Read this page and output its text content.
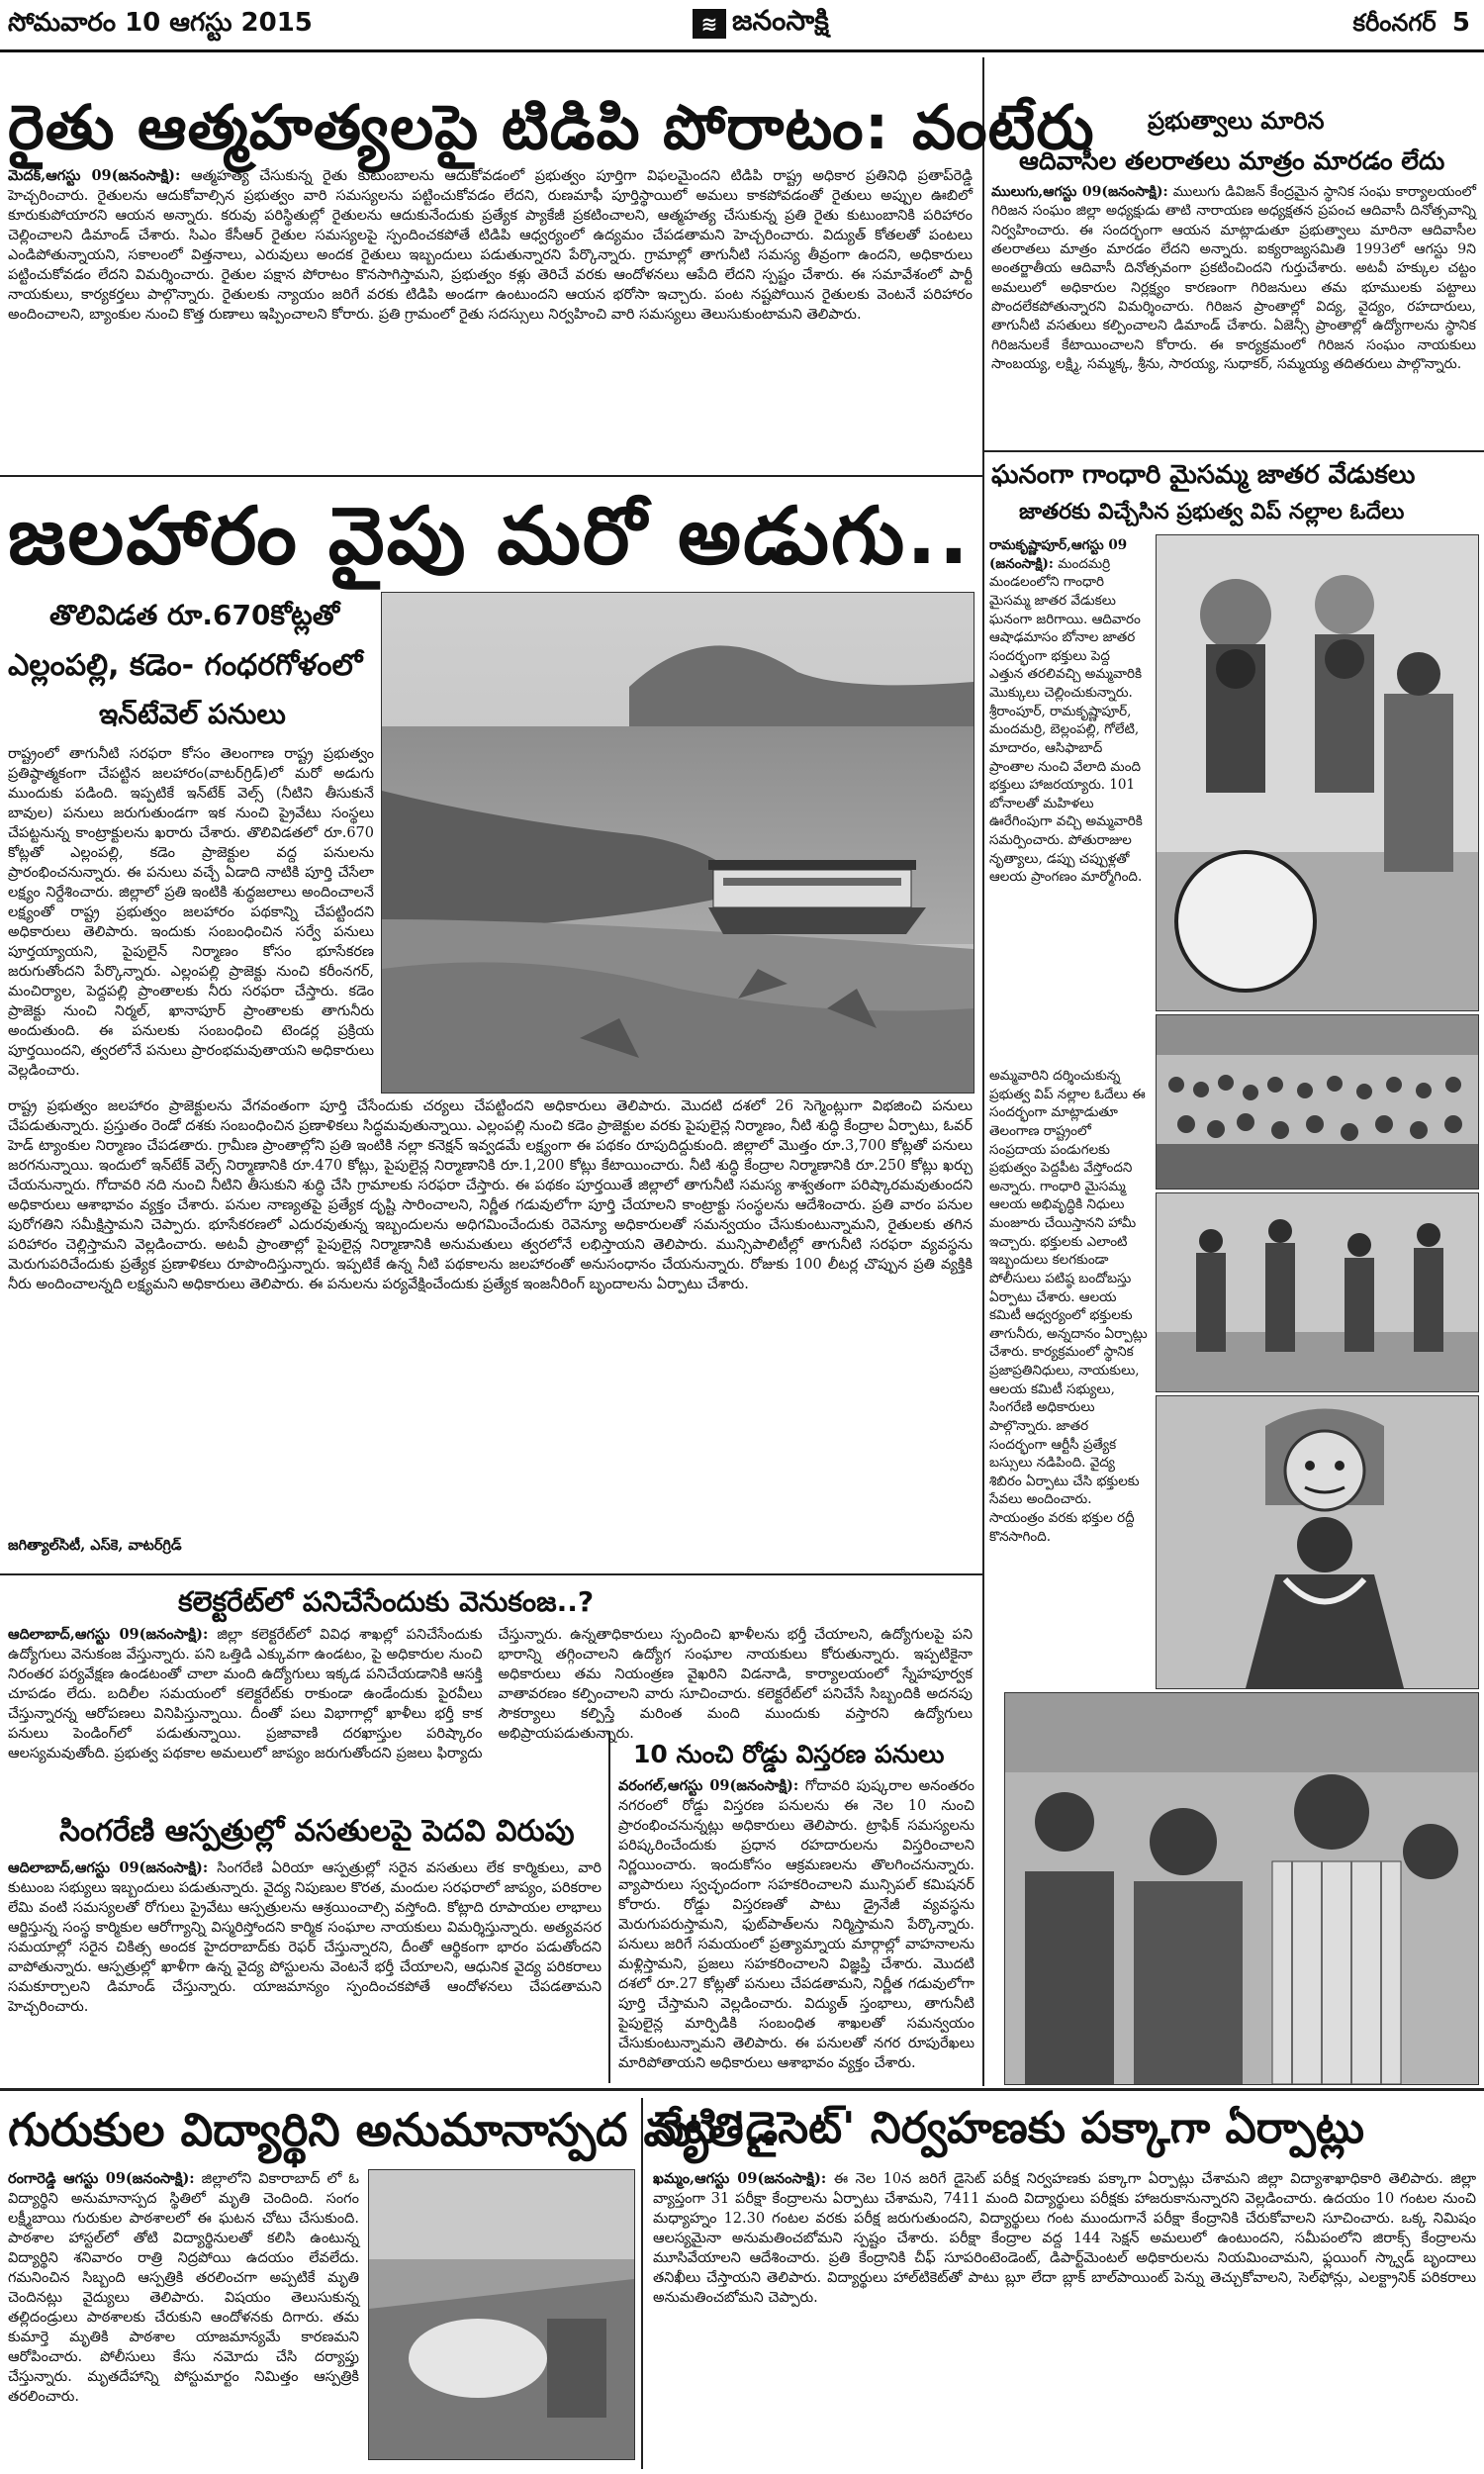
సోమవారం 10 ఆగస్టు 2015	≋ జనంసాక్షి	కరీంనగర్ 5
రైతు ఆత్మహత్యలపై టిడిపి పోరాటం: వంటేరు
మెదక్,ఆగస్టు 09(జనంసాక్షి): ఆత్మహత్య చేసుకున్న రైతు కుటుంబాలను ఆదుకోవడంలో ప్రభుత్వం పూర్తిగా విఫలమైందని టిడిపి రాష్ట్ర అధికార ప్రతినిధి ప్రతాప్‌రెడ్డి హెచ్చరించారు. రైతులను ఆదుకోవాల్సిన ప్రభుత్వం వారి సమస్యలను పట్టించుకోవడం లేదని, రుణమాఫీ పూర్తిస్థాయిలో అమలు కాకపోవడంతో రైతులు అప్పుల ఊబిలో కూరుకుపోయారని ఆయన అన్నారు. కరువు పరిస్థితుల్లో రైతులను ఆదుకునేందుకు ప్రత్యేక ప్యాకేజీ ప్రకటించాలని, ఆత్మహత్య చేసుకున్న ప్రతి రైతు కుటుంబానికి పరిహారం చెల్లించాలని డిమాండ్ చేశారు. సిఎం కేసీఆర్ రైతుల సమస్యలపై స్పందించకపోతే టిడిపి ఆధ్వర్యంలో ఉద్యమం చేపడతామని హెచ్చరించారు. విద్యుత్ కోతలతో పంటలు ఎండిపోతున్నాయని, సకాలంలో విత్తనాలు, ఎరువులు అందక రైతులు ఇబ్బందులు పడుతున్నారని పేర్కొన్నారు. గ్రామాల్లో తాగునీటి సమస్య తీవ్రంగా ఉందని, అధికారులు పట్టించుకోవడం లేదని విమర్శించారు. రైతుల పక్షాన పోరాటం కొనసాగిస్తామని, ప్రభుత్వం కళ్లు తెరిచే వరకు ఆందోళనలు ఆపేది లేదని స్పష్టం చేశారు. ఈ సమావేశంలో పార్టీ నాయకులు, కార్యకర్తలు పాల్గొన్నారు. రైతులకు న్యాయం జరిగే వరకు టిడిపి అండగా ఉంటుందని ఆయన భరోసా ఇచ్చారు. పంట నష్టపోయిన రైతులకు వెంటనే పరిహారం అందించాలని, బ్యాంకుల నుంచి కొత్త రుణాలు ఇప్పించాలని కోరారు. ప్రతి గ్రామంలో రైతు సదస్సులు నిర్వహించి వారి సమస్యలు తెలుసుకుంటామని తెలిపారు.
ప్రభుత్వాలు మారిన
ఆదివాసీల తలరాతలు మాత్రం మారడం లేదు
ములుగు,ఆగస్టు 09(జనంసాక్షి): ములుగు డివిజన్ కేంద్రమైన స్థానిక సంఘ కార్యాలయంలో గిరిజన సంఘం జిల్లా అధ్యక్షుడు తాటి నారాయణ అధ్యక్షతన ప్రపంచ ఆదివాసీ దినోత్సవాన్ని నిర్వహించారు. ఈ సందర్భంగా ఆయన మాట్లాడుతూ ప్రభుత్వాలు మారినా ఆదివాసీల తలరాతలు మాత్రం మారడం లేదని అన్నారు. ఐక్యరాజ్యసమితి 1993లో ఆగస్టు 9ని అంతర్జాతీయ ఆదివాసీ దినోత్సవంగా ప్రకటించిందని గుర్తుచేశారు. అటవీ హక్కుల చట్టం అమలులో అధికారుల నిర్లక్ష్యం కారణంగా గిరిజనులు తమ భూములకు పట్టాలు పొందలేకపోతున్నారని విమర్శించారు. గిరిజన ప్రాంతాల్లో విద్య, వైద్యం, రహదారులు, తాగునీటి వసతులు కల్పించాలని డిమాండ్ చేశారు. ఏజెన్సీ ప్రాంతాల్లో ఉద్యోగాలను స్థానిక గిరిజనులకే కేటాయించాలని కోరారు. ఈ కార్యక్రమంలో గిరిజన సంఘం నాయకులు సాంబయ్య, లక్ష్మి, సమ్మక్క, శ్రీను, సారయ్య, సుధాకర్, సమ్మయ్య తదితరులు పాల్గొన్నారు.
జలహారం వైపు మరో అడుగు..
తొలివిడత రూ.670కోట్లతో
ఎల్లంపల్లి, కడెం- గంధరగోళంలో
ఇన్‌టేవెల్ పనులు
రాష్ట్రంలో తాగునీటి సరఫరా కోసం తెలంగాణ రాష్ట్ర ప్రభుత్వం ప్రతిష్ఠాత్మకంగా చేపట్టిన జలహారం(వాటర్‌గ్రిడ్)లో మరో అడుగు ముందుకు పడింది. ఇప్పటికే ఇన్‌టేక్ వెల్స్ (నీటిని తీసుకునే బావుల) పనులు జరుగుతుండగా ఇక నుంచి ప్రైవేటు సంస్థలు చేపట్టనున్న కాంట్రాక్టులను ఖరారు చేశారు. తొలివిడతలో రూ.670 కోట్లతో ఎల్లంపల్లి, కడెం ప్రాజెక్టుల వద్ద పనులను ప్రారంభించనున్నారు. ఈ పనులు వచ్చే ఏడాది నాటికి పూర్తి చేసేలా లక్ష్యం నిర్దేశించారు. జిల్లాలో ప్రతి ఇంటికి శుద్ధజలాలు అందించాలనే లక్ష్యంతో రాష్ట్ర ప్రభుత్వం జలహారం పథకాన్ని చేపట్టిందని అధికారులు తెలిపారు. ఇందుకు సంబంధించిన సర్వే పనులు పూర్తయ్యాయని, పైపులైన్ నిర్మాణం కోసం భూసేకరణ జరుగుతోందని పేర్కొన్నారు. ఎల్లంపల్లి ప్రాజెక్టు నుంచి కరీంనగర్, మంచిర్యాల, పెద్దపల్లి ప్రాంతాలకు నీరు సరఫరా చేస్తారు. కడెం ప్రాజెక్టు నుంచి నిర్మల్, ఖానాపూర్ ప్రాంతాలకు తాగునీరు అందుతుంది. ఈ పనులకు సంబంధించి టెండర్ల ప్రక్రియ పూర్తయిందని, త్వరలోనే పనులు ప్రారంభమవుతాయని అధికారులు వెల్లడించారు.
రాష్ట్ర ప్రభుత్వం జలహారం ప్రాజెక్టులను వేగవంతంగా పూర్తి చేసేందుకు చర్యలు చేపట్టిందని అధికారులు తెలిపారు. మొదటి దశలో 26 సెగ్మెంట్లుగా విభజించి పనులు చేపడుతున్నారు. ప్రస్తుతం రెండో దశకు సంబంధించిన ప్రణాళికలు సిద్ధమవుతున్నాయి. ఎల్లంపల్లి నుంచి కడెం ప్రాజెక్టుల వరకు పైపులైన్ల నిర్మాణం, నీటి శుద్ధి కేంద్రాల ఏర్పాటు, ఓవర్ హెడ్ ట్యాంకుల నిర్మాణం చేపడతారు. గ్రామీణ ప్రాంతాల్లోని ప్రతి ఇంటికి నల్లా కనెక్షన్ ఇవ్వడమే లక్ష్యంగా ఈ పథకం రూపుదిద్దుకుంది. జిల్లాలో మొత్తం రూ.3,700 కోట్లతో పనులు జరగనున్నాయి. ఇందులో ఇన్‌టేక్ వెల్స్ నిర్మాణానికి రూ.470 కోట్లు, పైపులైన్ల నిర్మాణానికి రూ.1,200 కోట్లు కేటాయించారు. నీటి శుద్ధి కేంద్రాల నిర్మాణానికి రూ.250 కోట్లు ఖర్చు చేయనున్నారు. గోదావరి నది నుంచి నీటిని తీసుకుని శుద్ధి చేసి గ్రామాలకు సరఫరా చేస్తారు. ఈ పథకం పూర్తయితే జిల్లాలో తాగునీటి సమస్య శాశ్వతంగా పరిష్కారమవుతుందని అధికారులు ఆశాభావం వ్యక్తం చేశారు. పనుల నాణ్యతపై ప్రత్యేక దృష్టి సారించాలని, నిర్ణీత గడువులోగా పూర్తి చేయాలని కాంట్రాక్టు సంస్థలను ఆదేశించారు. ప్రతి వారం పనుల పురోగతిని సమీక్షిస్తామని చెప్పారు. భూసేకరణలో ఎదురవుతున్న ఇబ్బందులను అధిగమించేందుకు రెవెన్యూ అధికారులతో సమన్వయం చేసుకుంటున్నామని, రైతులకు తగిన పరిహారం చెల్లిస్తామని వెల్లడించారు. అటవీ ప్రాంతాల్లో పైపులైన్ల నిర్మాణానికి అనుమతులు త్వరలోనే లభిస్తాయని తెలిపారు. మున్సిపాలిటీల్లో తాగునీటి సరఫరా వ్యవస్థను మెరుగుపరిచేందుకు ప్రత్యేక ప్రణాళికలు రూపొందిస్తున్నారు. ఇప్పటికే ఉన్న నీటి పథకాలను జలహారంతో అనుసంధానం చేయనున్నారు. రోజుకు 100 లీటర్ల చొప్పున ప్రతి వ్యక్తికి నీరు అందించాలన్నది లక్ష్యమని అధికారులు తెలిపారు. ఈ పనులను పర్యవేక్షించేందుకు ప్రత్యేక ఇంజనీరింగ్ బృందాలను ఏర్పాటు చేశారు.
జగిత్యాల్‌సిటీ, ఎస్‌కె, వాటర్‌గ్రిడ్
కలెక్టరేట్‌లో పనిచేసేందుకు వెనుకంజ..?
ఆదిలాబాద్,ఆగస్టు 09(జనంసాక్షి): జిల్లా కలెక్టరేట్‌లో వివిధ శాఖల్లో పనిచేసేందుకు ఉద్యోగులు వెనుకంజ వేస్తున్నారు. పని ఒత్తిడి ఎక్కువగా ఉండటం, పై అధికారుల నుంచి నిరంతర పర్యవేక్షణ ఉండటంతో చాలా మంది ఉద్యోగులు ఇక్కడ పనిచేయడానికి ఆసక్తి చూపడం లేదు. బదిలీల సమయంలో కలెక్టరేట్‌కు రాకుండా ఉండేందుకు పైరవీలు చేస్తున్నారన్న ఆరోపణలు వినిపిస్తున్నాయి. దీంతో పలు విభాగాల్లో ఖాళీలు భర్తీ కాక పనులు పెండింగ్‌లో పడుతున్నాయి. ప్రజావాణి దరఖాస్తుల పరిష్కారం ఆలస్యమవుతోంది. ప్రభుత్వ పథకాల అమలులో జాప్యం జరుగుతోందని ప్రజలు ఫిర్యాదు చేస్తున్నారు. ఉన్నతాధికారులు స్పందించి ఖాళీలను భర్తీ చేయాలని, ఉద్యోగులపై పని భారాన్ని తగ్గించాలని ఉద్యోగ సంఘాల నాయకులు కోరుతున్నారు. ఇప్పటికైనా అధికారులు తమ నియంత్రణ వైఖరిని విడనాడి, కార్యాలయంలో స్నేహపూర్వక వాతావరణం కల్పించాలని వారు సూచించారు. కలెక్టరేట్‌లో పనిచేసే సిబ్బందికి అదనపు సౌకర్యాలు కల్పిస్తే మరింత మంది ముందుకు వస్తారని ఉద్యోగులు అభిప్రాయపడుతున్నారు.
సింగరేణి ఆస్పత్రుల్లో వసతులపై పెదవి విరుపు
ఆదిలాబాద్,ఆగస్టు 09(జనంసాక్షి): సింగరేణి ఏరియా ఆస్పత్రుల్లో సరైన వసతులు లేక కార్మికులు, వారి కుటుంబ సభ్యులు ఇబ్బందులు పడుతున్నారు. వైద్య నిపుణుల కొరత, మందుల సరఫరాలో జాప్యం, పరికరాల లేమి వంటి సమస్యలతో రోగులు ప్రైవేటు ఆస్పత్రులను ఆశ్రయించాల్సి వస్తోంది. కోట్లాది రూపాయల లాభాలు ఆర్జిస్తున్న సంస్థ కార్మికుల ఆరోగ్యాన్ని విస్మరిస్తోందని కార్మిక సంఘాల నాయకులు విమర్శిస్తున్నారు. అత్యవసర సమయాల్లో సరైన చికిత్స అందక హైదరాబాద్‌కు రెఫర్ చేస్తున్నారని, దీంతో ఆర్థికంగా భారం పడుతోందని వాపోతున్నారు. ఆస్పత్రుల్లో ఖాళీగా ఉన్న వైద్య పోస్టులను వెంటనే భర్తీ చేయాలని, ఆధునిక వైద్య పరికరాలు సమకూర్చాలని డిమాండ్ చేస్తున్నారు. యాజమాన్యం స్పందించకపోతే ఆందోళనలు చేపడతామని హెచ్చరించారు.
10 నుంచి రోడ్డు విస్తరణ పనులు
వరంగల్,ఆగస్టు 09(జనంసాక్షి): గోదావరి పుష్కరాల అనంతరం నగరంలో రోడ్డు విస్తరణ పనులను ఈ నెల 10 నుంచి ప్రారంభించనున్నట్లు అధికారులు తెలిపారు. ట్రాఫిక్ సమస్యలను పరిష్కరించేందుకు ప్రధాన రహదారులను విస్తరించాలని నిర్ణయించారు. ఇందుకోసం ఆక్రమణలను తొలగించనున్నారు. వ్యాపారులు స్వచ్ఛందంగా సహకరించాలని మున్సిపల్ కమిషనర్ కోరారు. రోడ్డు విస్తరణతో పాటు డ్రైనేజీ వ్యవస్థను మెరుగుపరుస్తామని, ఫుట్‌పాత్‌లను నిర్మిస్తామని పేర్కొన్నారు. పనులు జరిగే సమయంలో ప్రత్యామ్నాయ మార్గాల్లో వాహనాలను మళ్లిస్తామని, ప్రజలు సహకరించాలని విజ్ఞప్తి చేశారు. మొదటి దశలో రూ.27 కోట్లతో పనులు చేపడతామని, నిర్ణీత గడువులోగా పూర్తి చేస్తామని వెల్లడించారు. విద్యుత్ స్తంభాలు, తాగునీటి పైపులైన్ల మార్పిడికి సంబంధిత శాఖలతో సమన్వయం చేసుకుంటున్నామని తెలిపారు. ఈ పనులతో నగర రూపురేఖలు మారిపోతాయని అధికారులు ఆశాభావం వ్యక్తం చేశారు.
ఘనంగా గాంధారి మైసమ్మ జాతర వేడుకలు
జాతరకు విచ్చేసిన ప్రభుత్వ విప్ నల్లాల ఓదేలు
రామకృష్ణాపూర్,ఆగస్టు 09 (జనంసాక్షి): మందమర్రి మండలంలోని గాంధారి మైసమ్మ జాతర వేడుకలు ఘనంగా జరిగాయి. ఆదివారం ఆషాఢమాసం బోనాల జాతర సందర్భంగా భక్తులు పెద్ద ఎత్తున తరలివచ్చి అమ్మవారికి మొక్కులు చెల్లించుకున్నారు. శ్రీరాంపూర్, రామకృష్ణాపూర్, మందమర్రి, బెల్లంపల్లి, గోలేటి, మాదారం, ఆసిఫాబాద్ ప్రాంతాల నుంచి వేలాది మంది భక్తులు హాజరయ్యారు. 101 బోనాలతో మహిళలు ఊరేగింపుగా వచ్చి అమ్మవారికి సమర్పించారు. పోతురాజుల నృత్యాలు, డప్పు చప్పుళ్లతో ఆలయ ప్రాంగణం మార్మోగింది.
అమ్మవారిని దర్శించుకున్న ప్రభుత్వ విప్ నల్లాల ఓదేలు ఈ సందర్భంగా మాట్లాడుతూ తెలంగాణ రాష్ట్రంలో సంప్రదాయ పండుగలకు ప్రభుత్వం పెద్దపీట వేస్తోందని అన్నారు. గాంధారి మైసమ్మ ఆలయ అభివృద్ధికి నిధులు మంజూరు చేయిస్తానని హామీ ఇచ్చారు. భక్తులకు ఎలాంటి ఇబ్బందులు కలగకుండా పోలీసులు పటిష్ఠ బందోబస్తు ఏర్పాటు చేశారు. ఆలయ కమిటీ ఆధ్వర్యంలో భక్తులకు తాగునీరు, అన్నదానం ఏర్పాట్లు చేశారు. కార్యక్రమంలో స్థానిక ప్రజాప్రతినిధులు, నాయకులు, ఆలయ కమిటీ సభ్యులు, సింగరేణి అధికారులు పాల్గొన్నారు. జాతర సందర్భంగా ఆర్టీసీ ప్రత్యేక బస్సులు నడిపింది. వైద్య శిబిరం ఏర్పాటు చేసి భక్తులకు సేవలు అందించారు. సాయంత్రం వరకు భక్తుల రద్దీ కొనసాగింది.
గురుకుల విద్యార్థిని అనుమానాస్పద మృతి..
రంగారెడ్డి ఆగస్టు 09(జనంసాక్షి): జిల్లాలోని వికారాబాద్ లో ఓ విద్యార్థిని అనుమానాస్పద స్థితిలో మృతి చెందింది. సంగం లక్ష్మీబాయి గురుకుల పాఠశాలలో ఈ ఘటన చోటు చేసుకుంది. పాఠశాల హాస్టల్‌లో తోటి విద్యార్థినులతో కలిసి ఉంటున్న విద్యార్థిని శనివారం రాత్రి నిద్రపోయి ఉదయం లేవలేదు. గమనించిన సిబ్బంది ఆస్పత్రికి తరలించగా అప్పటికే మృతి చెందినట్లు వైద్యులు తెలిపారు. విషయం తెలుసుకున్న తల్లిదండ్రులు పాఠశాలకు చేరుకుని ఆందోళనకు దిగారు. తమ కుమార్తె మృతికి పాఠశాల యాజమాన్యమే కారణమని ఆరోపించారు. పోలీసులు కేసు నమోదు చేసి దర్యాప్తు చేస్తున్నారు. మృతదేహాన్ని పోస్టుమార్టం నిమిత్తం ఆస్పత్రికి తరలించారు.
నేటి 'డైసెట్' నిర్వహణకు పక్కాగా ఏర్పాట్లు
ఖమ్మం,ఆగస్టు 09(జనంసాక్షి): ఈ నెల 10న జరిగే డైసెట్ పరీక్ష నిర్వహణకు పక్కాగా ఏర్పాట్లు చేశామని జిల్లా విద్యాశాఖాధికారి తెలిపారు. జిల్లా వ్యాప్తంగా 31 పరీక్షా కేంద్రాలను ఏర్పాటు చేశామని, 7411 మంది విద్యార్థులు పరీక్షకు హాజరుకానున్నారని వెల్లడించారు. ఉదయం 10 గంటల నుంచి మధ్యాహ్నం 12.30 గంటల వరకు పరీక్ష జరుగుతుందని, విద్యార్థులు గంట ముందుగానే పరీక్షా కేంద్రానికి చేరుకోవాలని సూచించారు. ఒక్క నిమిషం ఆలస్యమైనా అనుమతించబోమని స్పష్టం చేశారు. పరీక్షా కేంద్రాల వద్ద 144 సెక్షన్ అమలులో ఉంటుందని, సమీపంలోని జిరాక్స్ కేంద్రాలను మూసివేయాలని ఆదేశించారు. ప్రతి కేంద్రానికి చీఫ్ సూపరింటెండెంట్, డిపార్ట్‌మెంటల్ అధికారులను నియమించామని, ఫ్లయింగ్ స్క్వాడ్ బృందాలు తనిఖీలు చేస్తాయని తెలిపారు. విద్యార్థులు హాల్‌టికెట్‌తో పాటు బ్లూ లేదా బ్లాక్ బాల్‌పాయింట్ పెన్ను తెచ్చుకోవాలని, సెల్‌ఫోన్లు, ఎలక్ట్రానిక్ పరికరాలు అనుమతించబోమని చెప్పారు.
